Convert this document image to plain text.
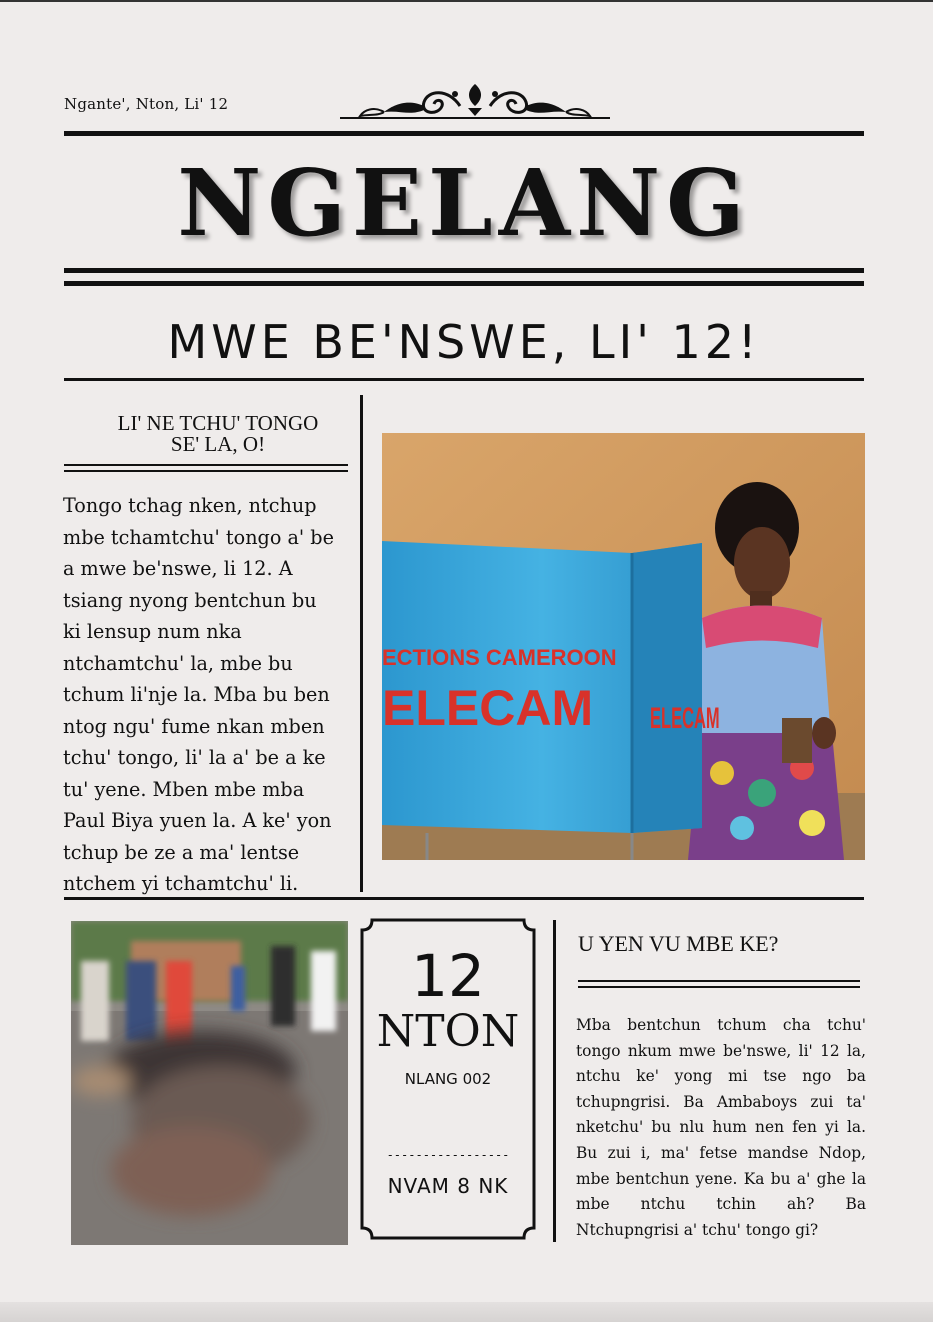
Ngante', Nton, Li' 12
NGELANG
MWE BE'NSWE, LI' 12!
LI' NE TCHU' TONGO
SE' LA, O!
Tongo tchag nken, ntchup
mbe tchamtchu' tongo a' be
a mwe be'nswe, li 12. A
tsiang nyong bentchun bu
ki lensup num nka
ntchamtchu' la, mbe bu
tchum li'nje la. Mba bu ben
ntog ngu' fume nkan mben
tchu' tongo, li' la a' be a ke
tu' yene. Mben mbe mba
Paul Biya yuen la. A ke' yon
tchup be ze a ma' lentse
ntchem yi tchamtchu' li.
ECTIONS CAMEROON
ELECAM ELECAM
12
NTON
NLANG 002
-----------------
NVAM 8 NK
U YEN VU MBE KE?
Mba bentchun tchum cha tchu' tongo nkum mwe be'nswe, li' 12 la, ntchu ke' yong mi tse ngo ba tchupngrisi. Ba Ambaboys zui ta' nketchu' bu nlu hum nen fen yi la. Bu zui i, ma' fetse mandse Ndop, mbe bentchun yene. Ka bu a' ghe la mbe ntchu tchin ah? Ba Ntchupngrisi a' tchu' tongo gi?
